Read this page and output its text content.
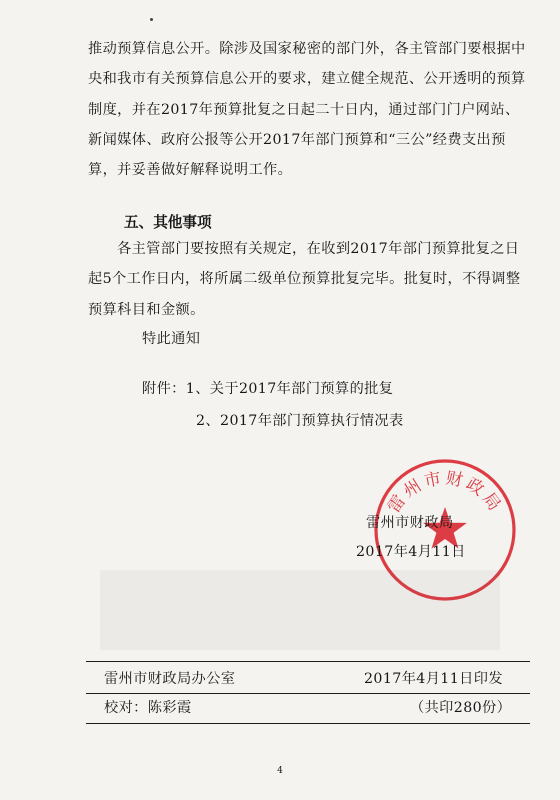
推动预算信息公开。除涉及国家秘密的部门外，各主管部门要根据中央和我市有关预算信息公开的要求，建立健全规范、公开透明的预算制度，并在2017年预算批复之日起二十日内，通过部门门户网站、新闻媒体、政府公报等公开2017年部门预算和“三公”经费支出预算，并妥善做好解释说明工作。
五、其他事项
各主管部门要按照有关规定，在收到2017年部门预算批复之日起5个工作日内，将所属二级单位预算批复完毕。批复时，不得调整预算科目和金额。
特此通知
附件：1、关于2017年部门预算的批复
2、2017年部门预算执行情况表
雷州市财政局
雷州市财政局
2017年4月11日
雷州市财政局办公室	2017年4月11日印发
校对：陈彩霞	（共印280份）
4
